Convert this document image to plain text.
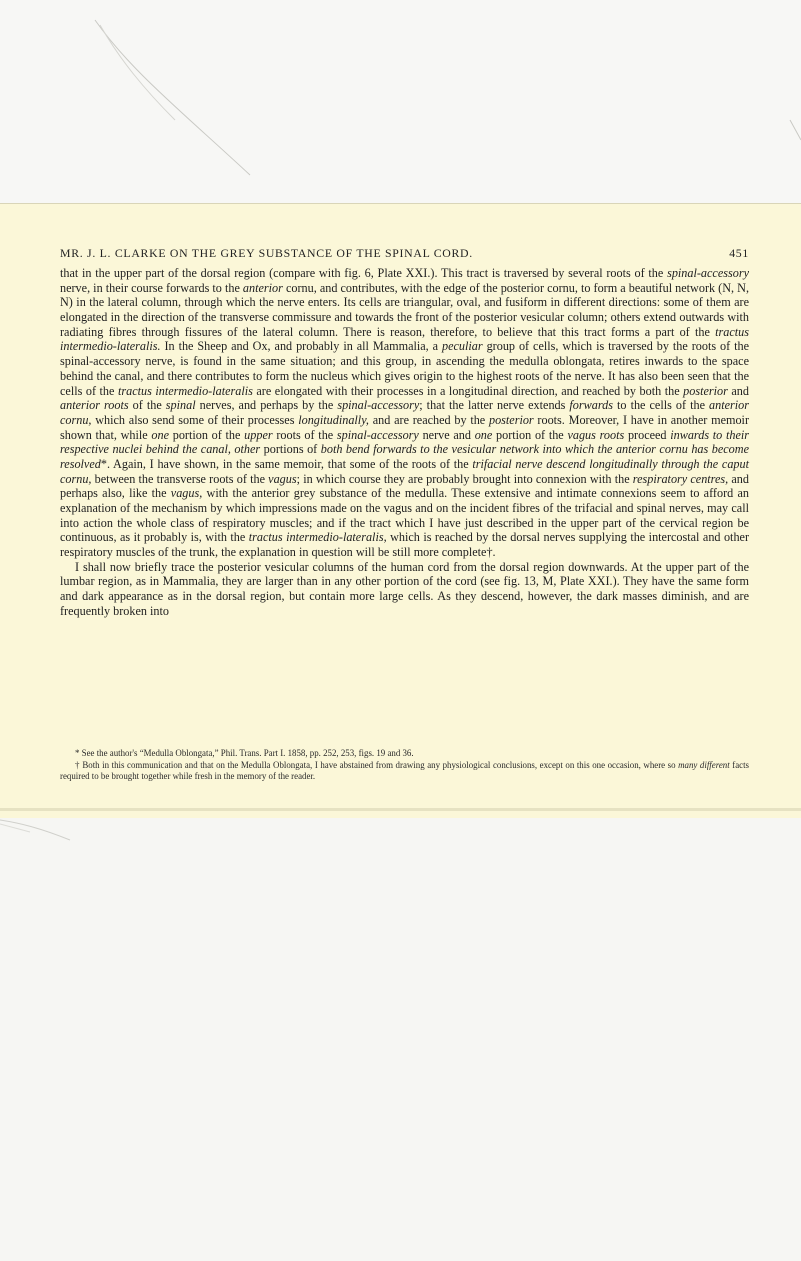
MR. J. L. CLARKE ON THE GREY SUBSTANCE OF THE SPINAL CORD.	451

that in the upper part of the dorsal region (compare with fig. 6, Plate XXI.). This tract is traversed by several roots of the spinal-accessory nerve, in their course forwards to the anterior cornu, and contributes, with the edge of the posterior cornu, to form a beautiful network (N, N, N) in the lateral column, through which the nerve enters. Its cells are triangular, oval, and fusiform in different directions: some of them are elongated in the direction of the transverse commissure and towards the front of the posterior vesicular column; others extend outwards with radiating fibres through fissures of the lateral column. There is reason, therefore, to believe that this tract forms a part of the tractus intermedio-lateralis. In the Sheep and Ox, and probably in all Mammalia, a peculiar group of cells, which is traversed by the roots of the spinal-accessory nerve, is found in the same situation; and this group, in ascending the medulla oblongata, retires inwards to the space behind the canal, and there contributes to form the nucleus which gives origin to the highest roots of the nerve. It has also been seen that the cells of the tractus intermedio-lateralis are elongated with their processes in a longitudinal direction, and reached by both the posterior and anterior roots of the spinal nerves, and perhaps by the spinal-accessory; that the latter nerve extends forwards to the cells of the anterior cornu, which also send some of their processes longitudinally, and are reached by the posterior roots. Moreover, I have in another memoir shown that, while one portion of the upper roots of the spinal-accessory nerve and one portion of the vagus roots proceed inwards to their respective nuclei behind the canal, other portions of both bend forwards to the vesicular network into which the anterior cornu has become resolved*. Again, I have shown, in the same memoir, that some of the roots of the trifacial nerve descend longitudinally through the caput cornu, between the transverse roots of the vagus; in which course they are probably brought into connexion with the respiratory centres, and perhaps also, like the vagus, with the anterior grey substance of the medulla. These extensive and intimate connexions seem to afford an explanation of the mechanism by which impressions made on the vagus and on the incident fibres of the trifacial and spinal nerves, may call into action the whole class of respiratory muscles; and if the tract which I have just described in the upper part of the cervical region be continuous, as it probably is, with the tractus intermedio-lateralis, which is reached by the dorsal nerves supplying the intercostal and other respiratory muscles of the trunk, the explanation in question will be still more complete†.

I shall now briefly trace the posterior vesicular columns of the human cord from the dorsal region downwards. At the upper part of the lumbar region, as in Mammalia, they are larger than in any other portion of the cord (see fig. 13, M, Plate XXI.). They have the same form and dark appearance as in the dorsal region, but contain more large cells. As they descend, however, the dark masses diminish, and are frequently broken into

* See the author's “Medulla Oblongata,” Phil. Trans. Part I. 1858, pp. 252, 253, figs. 19 and 36.

† Both in this communication and that on the Medulla Oblongata, I have abstained from drawing any physiological conclusions, except on this one occasion, where so many different facts required to be brought together while fresh in the memory of the reader.
